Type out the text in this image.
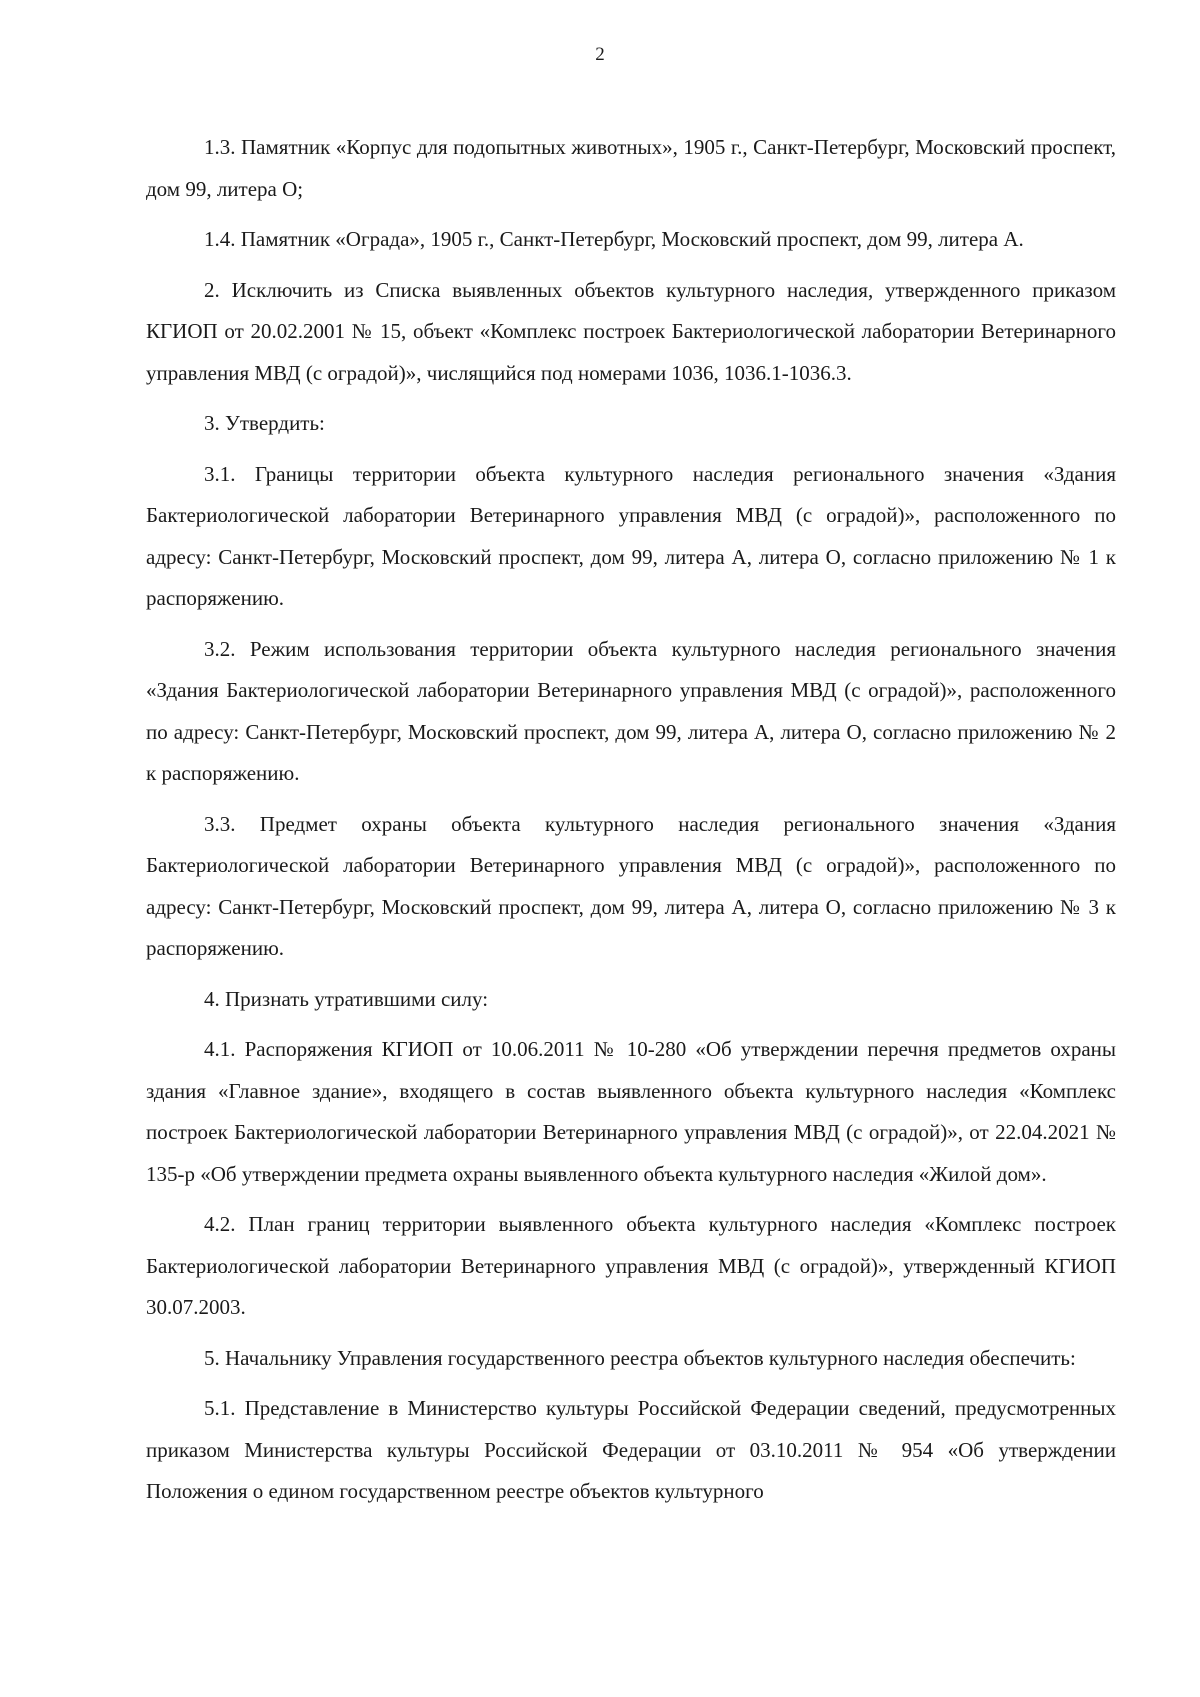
2

1.3. Памятник «Корпус для подопытных животных», 1905 г., Санкт-Петербург, Московский проспект, дом 99, литера О;

1.4. Памятник «Ограда», 1905 г., Санкт-Петербург, Московский проспект, дом 99, литера А.

2. Исключить из Списка выявленных объектов культурного наследия, утвержденного приказом КГИОП от 20.02.2001 № 15, объект «Комплекс построек Бактериологической лаборатории Ветеринарного управления МВД (с оградой)», числящийся под номерами 1036, 1036.1-1036.3.

3. Утвердить:

3.1. Границы территории объекта культурного наследия регионального значения «Здания Бактериологической лаборатории Ветеринарного управления МВД (с оградой)», расположенного по адресу: Санкт-Петербург, Московский проспект, дом 99, литера А, литера О, согласно приложению № 1 к распоряжению.

3.2. Режим использования территории объекта культурного наследия регионального значения «Здания Бактериологической лаборатории Ветеринарного управления МВД (с оградой)», расположенного по адресу: Санкт-Петербург, Московский проспект, дом 99, литера А, литера О, согласно приложению № 2 к распоряжению.

3.3. Предмет охраны объекта культурного наследия регионального значения «Здания Бактериологической лаборатории Ветеринарного управления МВД (с оградой)», расположенного по адресу: Санкт-Петербург, Московский проспект, дом 99, литера А, литера О, согласно приложению № 3 к распоряжению.

4. Признать утратившими силу:

4.1. Распоряжения КГИОП от 10.06.2011 № 10-280 «Об утверждении перечня предметов охраны здания «Главное здание», входящего в состав выявленного объекта культурного наследия «Комплекс построек Бактериологической лаборатории Ветеринарного управления МВД (с оградой)», от 22.04.2021 № 135-р «Об утверждении предмета охраны выявленного объекта культурного наследия «Жилой дом».

4.2. План границ территории выявленного объекта культурного наследия «Комплекс построек Бактериологической лаборатории Ветеринарного управления МВД (с оградой)», утвержденный КГИОП 30.07.2003.

5. Начальнику Управления государственного реестра объектов культурного наследия обеспечить:

5.1. Представление в Министерство культуры Российской Федерации сведений, предусмотренных приказом Министерства культуры Российской Федерации от 03.10.2011 № 954 «Об утверждении Положения о едином государственном реестре объектов культурного
